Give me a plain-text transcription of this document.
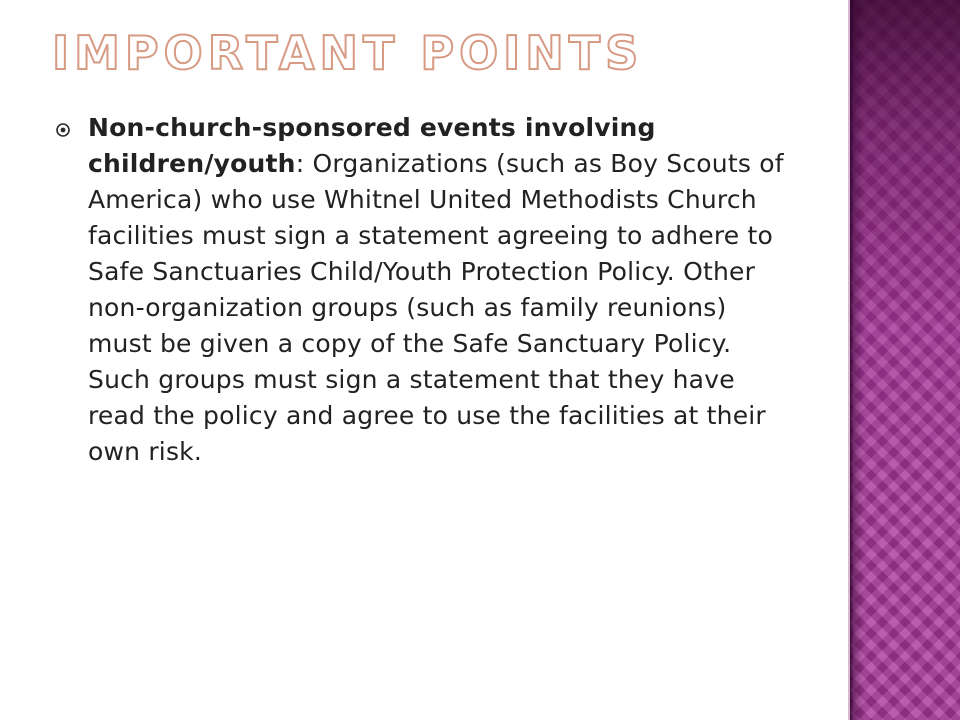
IMPORTANT POINTS
Non-church-sponsored events involving children/youth: Organizations (such as Boy Scouts of America) who use Whitnel United Methodists Church facilities must sign a statement agreeing to adhere to Safe Sanctuaries Child/Youth Protection Policy. Other non-organization groups (such as family reunions) must be given a copy of the Safe Sanctuary Policy. Such groups must sign a statement that they have read the policy and agree to use the facilities at their own risk.
